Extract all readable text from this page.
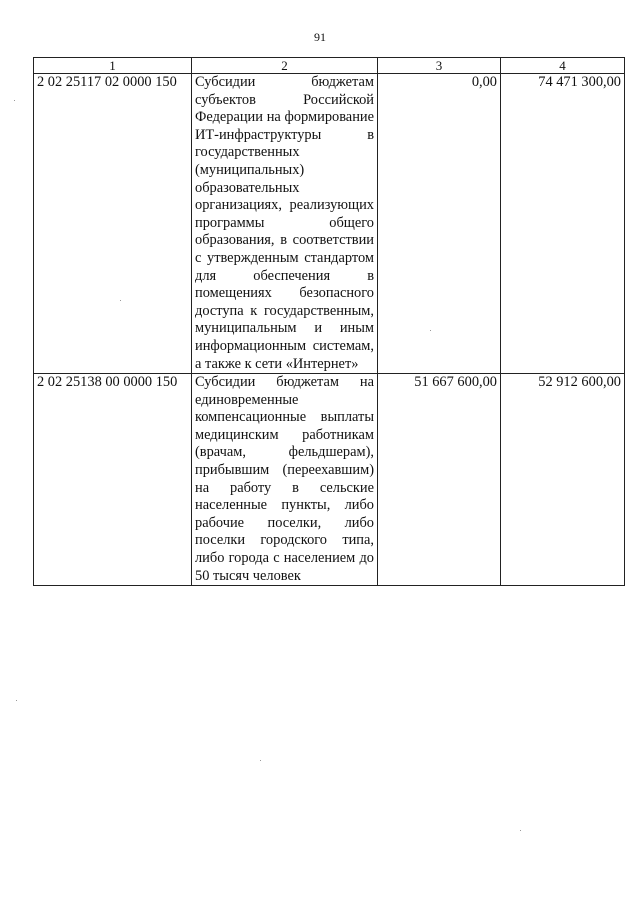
91
1	2	3	4
2 02 25117 02 0000 150	Субсидии бюджетам субъектов Российской Федерации на формирование ИТ-инфраструктуры в государственных (муниципальных) образовательных организациях, реализующих программы общего образования, в соответствии с утвержденным стандартом для обеспечения в помещениях безопасного доступа к государственным, муниципальным и иным информационным системам, а также к сети «Интернет»	0,00	74 471 300,00
2 02 25138 00 0000 150	Субсидии бюджетам на единовременные компенсационные выплаты медицинским работникам (врачам, фельдшерам), прибывшим (переехавшим) на работу в сельские населенные пункты, либо рабочие поселки, либо поселки городского типа, либо города с населением до 50 тысяч человек	51 667 600,00	52 912 600,00
